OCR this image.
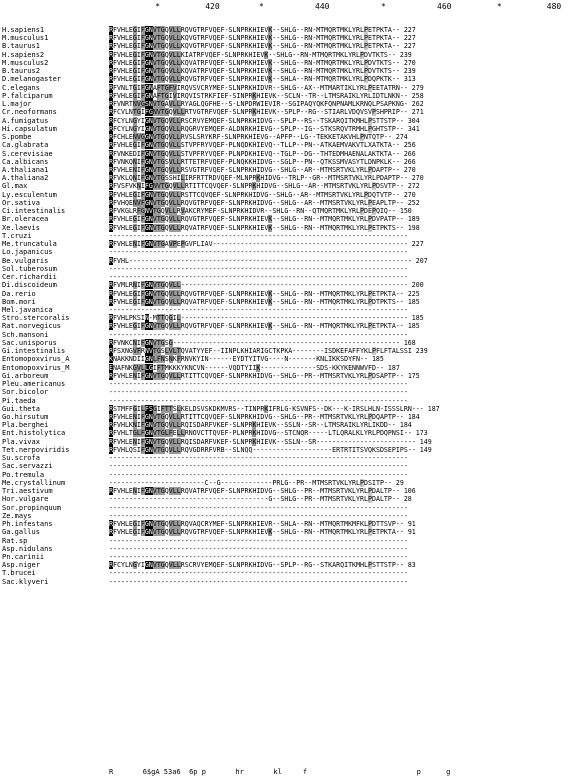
*	420	*	440	*	460	*	480
H.sapiens1	RFVHLEGIFGNVTGQVLLRQVGTRFVQEF-SLNPRKHIEVK--SHLG--RN-MTMQRTMKLYRLPETPKTA-- 227
M.musculus1	RFVHLEGIFGNVTGQVLLKQVGTRFVQEF-SLNPRKHIEVK--SHLG--RN-MTMQRTMKLYRLPETPKTA-- 227
B.taurus1	RFVHLEGIFGNVTGQVLLKQVGTRFVQEF-SLNPRKHIEVK--SHLG--RN-MTMQRTMKLYRLPETPKTA-- 227
H.sapiens2	RFVHLEGIFGNVTGQVLLKIATRFVQEF-SLNPRKHIEVK--SHLG--RN-MTMQRTMKLYRLPDVTKTS-- 239
M.musculus2	RFVHLEGIFGNVTGQVLLKQVATRFVQEF-SLNPRKHIEVK--SHLG--RN-MTMQRTMKLYRLPDVTKTS-- 270
B.taurus2	RFVHLEGIFGNVTGQVLLKQVATRFVQEF-SLNPRKHIEVK--SHLG--RN-MTMQRTMKLYRLPDVTKTS-- 239
D.melanogaster	RFVHLEGIFGNVTGQVLLRQVGTRFVQEF-SLNPRKHIEVK--SHLA--RN-MTMQRTMKLYRLPDQPKTK-- 313
C.elegans	RFVNLTGIFGNAFTGFVIRQVSVCRYMEF-SLNPRKHIDVR--SHLG--AX--MTMARTIKLYRLPEETATRN-- 279
P.falciparum	RFVHLEGIFGNAFTGIVIRQVISTRKFIEF-SINPRKHIEVK--SCLN--TR--LTMSRAIKLYRLIDTLNKN-- 258
L.major	RFVNRTNVGSNVTGAVLLRYAGLQGFHE--S-LNPDRWIEVIR--SGIPAQYQKFQNPNAMLKRNQLPSAPKNG- 262
Cr.neoformans	RFCVLNTGIFGNVTGQVLLRTVGTRFVQEF-SLNPRKHIEVK--SPLP--RG--STIARLVDQVSVPSHPRIP-- 271
A.fumigatus	RFCYLNGYIGNVTGQVLLRSCRVYEMQEF-SLNPRKHIDVG--SPLP--RS--TSKARQITKMHLPSTTSTP-- 304
Hi.capsulatum	RFCYLNGYIGNVTGQVLLRQGRVYEMQEF-ALDNRKHIEVG--SPLP--IG--STKSRQVTRMHLPGHTSTP-- 341
S.pombe	RFCHLENVGGNVTGQVLLRVSLSRYKRF-SLNPRKHIEVG--APFP--LG--TEKKETAKVHLPNTQTP-- 274
Ca.glabrata	RFVHLEGIFGNVTGQVLLSTVPFRYVQEF-PLNQDKHIEVQ--TLLP--PN--ATKAEMVAKVTLXATKTA-- 256
S.cerevisiae	RFVNKEDIFGNVTGQVLLSTVPFRYVQEF-PLNPDKHIEVQ--TGLP--DG--THTEDMHAENALAKTKTA-- 266
Ca.albicans	RFVNKQNIFGNVTGSVLLRTTETRFVQEF-PLNQKKHIDVG--SGLP--PN--QTKSSMVASYTLDNPKLK-- 266
A.thaliana1	RFVHLENIFGNVTGQVLLRSVGTRFVQEF-SLNPRKHIDVG--SHLG--AR--MTMSRTVKLYRLPDAPTP-- 270
A.thaliana2	RFVKLQNIFGNVTGSSHILIRFRTTRDVQEF-MLNPRKHIDVG--TRLP--GR--MTMSRTVKLYRLPDAPTP-- 270
Gl.max	RFVSFVKNIFGNVTGQVLLRTITTCQVQEF-SLNPRKHIDVG--SHLG--AR--MTMSRTVKLYRLPDSVTP-- 272
Ly.esculentum	RFVHLEGIFGNVTGQVLLRSTTCQVQEF-SLNPRKHIDVG--SHLG--AR--MTMSRTVKLYRLPDQTVTP-- 270
Or.sativa	RFVHQENVFGNVTGQVLLRQVGTRFVQEF-SLNPRKHIDVG--SHLG--AR--MTMSRTVKLYRLPEAPLTP-- 252
Ci.intestinalis	RFVKGLRFGNVTGQVLLRVAKCRYMEF-SLNPRKHIDVR--SHLG--RN--QTMQRTMKLYRLPDEPQIQ-- 150
Br.oleracea	RFVHLEGIFGNVTGQVLLRQVGTRFVQEF-SLNPRKHIEVK--SHLG--RN--MTMQRTMKLYRLPDVPATP-- 189
Xe.laevis	RFVHLEGIFGNVTGQVLLRQVATRFVQEF-SLNPRKHIEVK--SHLG--RN--MTMQRTMKLYRLPETPKTS-- 198
T.cruzi	---------------------------------------------------------------------------
Me.truncatula	RFVHLENIFGNVTGAVPEPGVFLIAV------------------------------------------------- 227
Lo.japanicus	---------------------------------------------------------------------------
Be.vulgaris	RFVHL----------------------------------------------------------------------- 207
Sol.tuberosum	---------------------------------------------------------------------------
Cer.richardii	---------------------------------------------------------------------------
Di.discoideum	RFVMLRNIFGNVTGQVLL--------------------------------------------------------- 200
Da.rerio	RFVHLEGIFGNVTGQVLLRQVGTRFVQEF-SLNPRKHIEVK--SHLG--RN--MTMQRTMKLYRLPETPKTA-- 225
Bom.mori	RFVHLEGIFGNVTGQVLLRQVATRFVQEF-SLNPRKHIEVK--SHLG--RN--MTMQRTMKLYRLPDTPKTS-- 185
Mel.javanica	---------------------------------------------------------------------------
Stro.stercoralis	RFVHLPKSIN-MTTQGIL--------------------------------------------------------- 185
Rat.norvegicus	RFVHLEGIFGNVTGQVLLRQVGTRFVQEF-SLNPRKHIEVK--SHLG--RN--MTMQRTMKLYRLPETPKTA-- 185
Sch.mansoni	---------------------------------------------------------------------------
Sac.unisporus	RFVNKCNIFGNVTGSG--------------------------------------------------------- 168
Gi.intestinalis	RFSXNGVFRNVTGSLVLTQVATYYEF--IINPLKHIARIGCTKPKA--------ISDKEFAFFYKLPFLFTALSSI 239
Entomopoxvirus_A	KNAKKNDIIGNLFNSNKFRNVKYIN------EYDTYITVG----N-------KNLIKKSDYFN-- 185
Entomopoxvirus_M	ENAFNKGVLLGIFTMKKKYKNCVN------VQDTYIIK--------------SDS-KKYKENNWVFD-- 187
Gi.arboreum	RFVHLENIFGNVTGQVLLRTITTCQVQEF-SLNPRKHIDVG--SHLG--PR--MTMSRTVKLYRLPDSAPTP-- 175
Pleu.americanus	---------------------------------------------------------------------------
Sor.bicolor	---------------------------------------------------------------------------
Pi.taeda	---------------------------------------------------------------------------
Gui.theta	RSTMFFGILFSGIFTTSLKELDSVSKDKMVRS--TINPRKIFRLG-KSVNFS--DK---K-IRSLHLN-ISSSLRN--- 187
Go.hirsutum	RFVHLENIFGNVTGQVLLRTITTCQVQEF-SLNPRKHIDVG--SHLG--PR--MTMSRTVKLYRLPDQAPTP-- 184
Pla.berghei	RFVHLKNIFGNVTGQVLLRQISDARFVKEF-SLNPRKHIEVK--SSLN--SR--LTMSRAIKLYRLIKDD-- 184
Ent.histolytica	RFVHLTGLFGNVTGLFELLRNOVCTTQVEF-PLNPRKHIDVG--STCNQR-----LTLQRALKLYRLPDQPNSI-- 173
Pla.vivax	RFVHLENIFGNVTGQVLLRQISDARFVKEF-SLNPRKHIEVK--SSLN--SR------------------------- 149
Tet.nerpoviridis	RFVHLQSIFGNVTGQVLLRQVGDRRFVRB--SLNQQ--------------------ERTRTITSVQKSDSEPIPS-- 149
Su.scrofa	---------------------------------------------------------------------------
Sac.servazzi	---------------------------------------------------------------------------
Po.tremula	---------------------------------------------------------------------------
Me.crystallinum	------------------------C--G-------------PRLG--PR--MTMSRTVKLYRLPDSITP-- 29
Tri.aestivum	RFVHLENIFGNVTGQVLLRQVATRFVQEF-SLNPRKHIDVG--SHLG--PR--MTMSRTVKLYRLPDALTP-- 106
Hor.vulgare	----------------------------------------G--SHLG--PR--MTMSRTVKLYRLPDALTP-- 28
Sor.propinquum	---------------------------------------------------------------------------
Ze.mays	---------------------------------------------------------------------------
Ph.infestans	RFVHLEGIFGNVTGQVLLRQVAQCRYMEF-SLNPRKHIEVR--SHLA--RN--MTMQRTMKMFKLPDTTSVP-- 91
Ga.gallus	RFVHLEGIFGNVTGQVLLRQVGTRFVQEF-SLNPRKHIEVK--SHLG--RN--MTMQRTMKLYRLPETPKTA-- 91
Rat.sp	---------------------------------------------------------------------------
Asp.nidulans	---------------------------------------------------------------------------
Pn.carinii	---------------------------------------------------------------------------
Asp.niger	RFCYLNGYIGNVTGQVLLRSCRVYEMQEF-SLNPRKHIDVG--SPLP--RG--STKARQITKMHLPSTTSTP-- 83
T.brucei	---------------------------------------------------------------------------
Sac.klyveri	---------------------------------------------------------------------------
R       6$gA 53a6  6p p       hr       kl     f                          p      g
